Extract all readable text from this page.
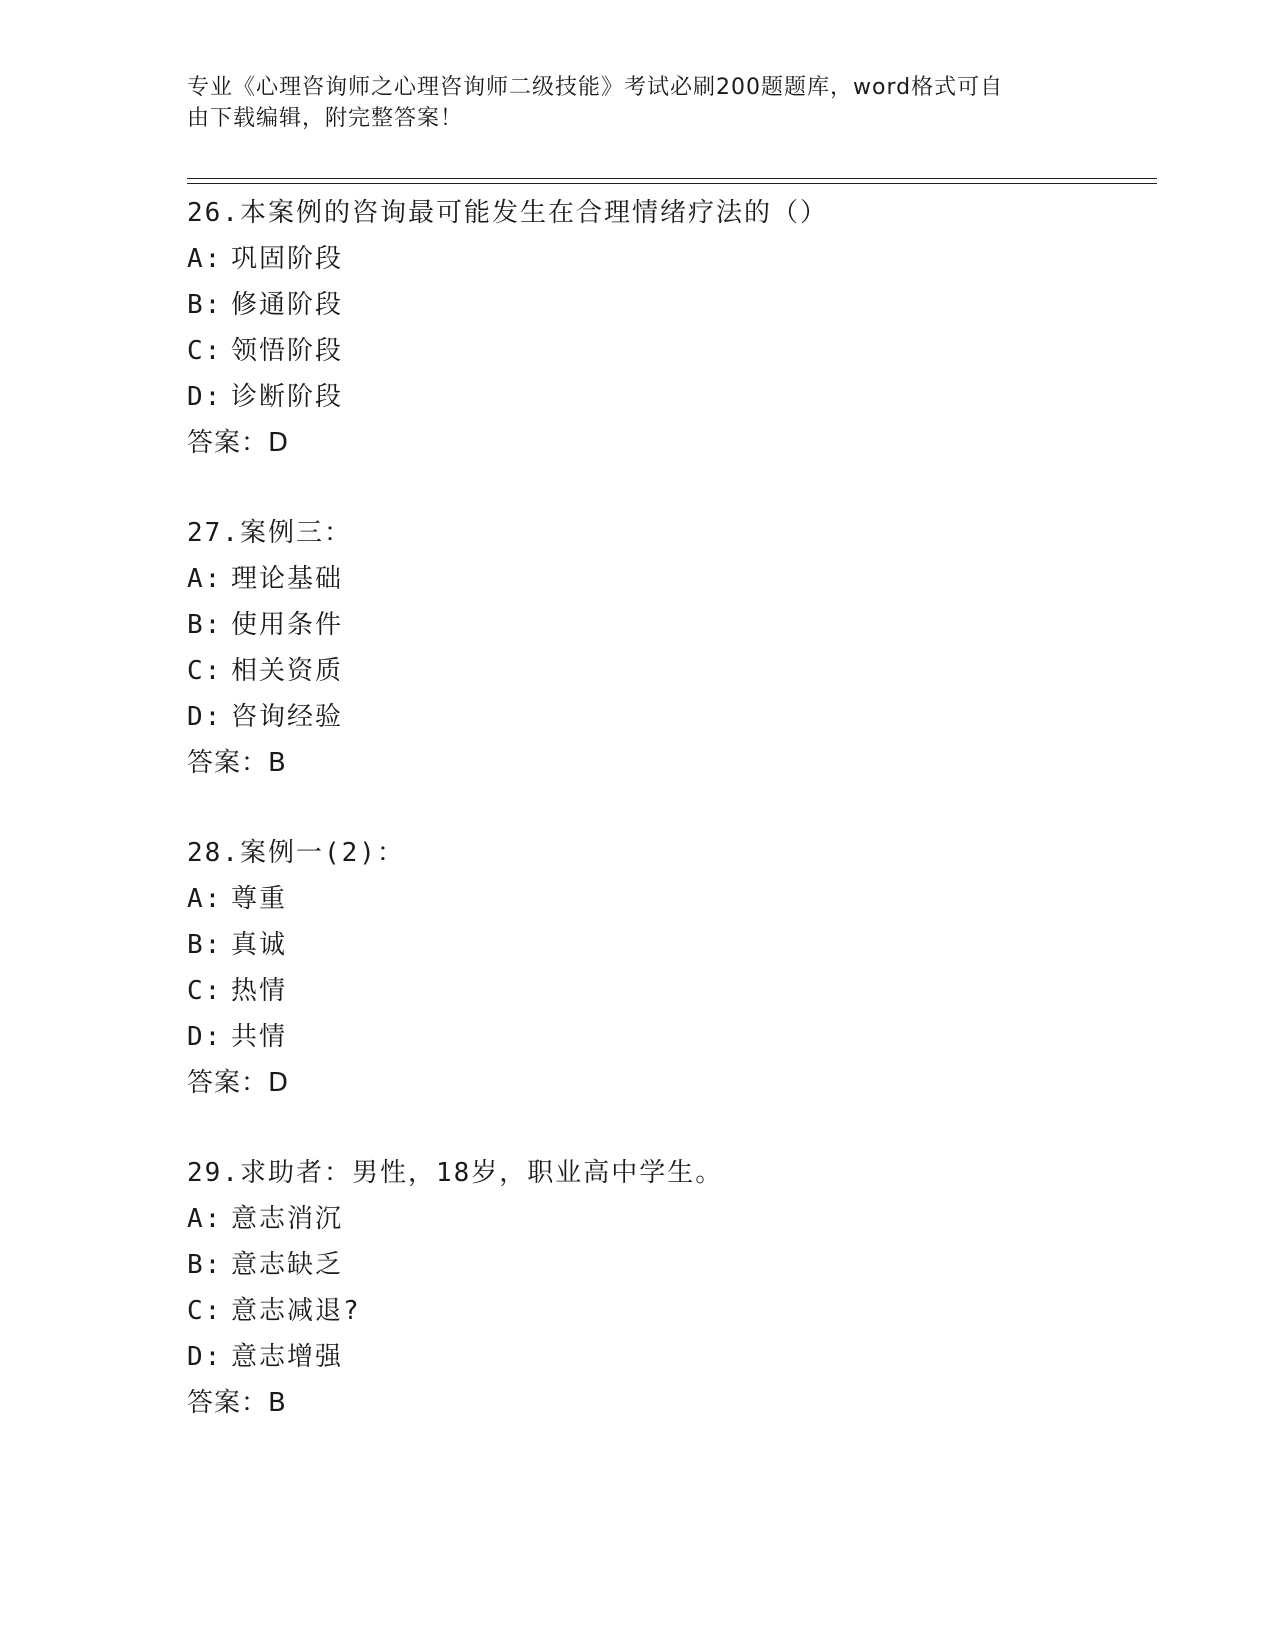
专业《心理咨询师之心理咨询师二级技能》考试必刷200题题库，word格式可自
由下载编辑，附完整答案！
26.本案例的咨询最可能发生在合理情绪疗法的（）
A: 巩固阶段
B: 修通阶段
C: 领悟阶段
D: 诊断阶段
答案：D
27.案例三：
A: 理论基础
B: 使用条件
C: 相关资质
D: 咨询经验
答案：B
28.案例一(2)：
A: 尊重
B: 真诚
C: 热情
D: 共情
答案：D
29.求助者：男性，18岁，职业高中学生。
A: 意志消沉
B: 意志缺乏
C: 意志减退?
D: 意志增强
答案：B
